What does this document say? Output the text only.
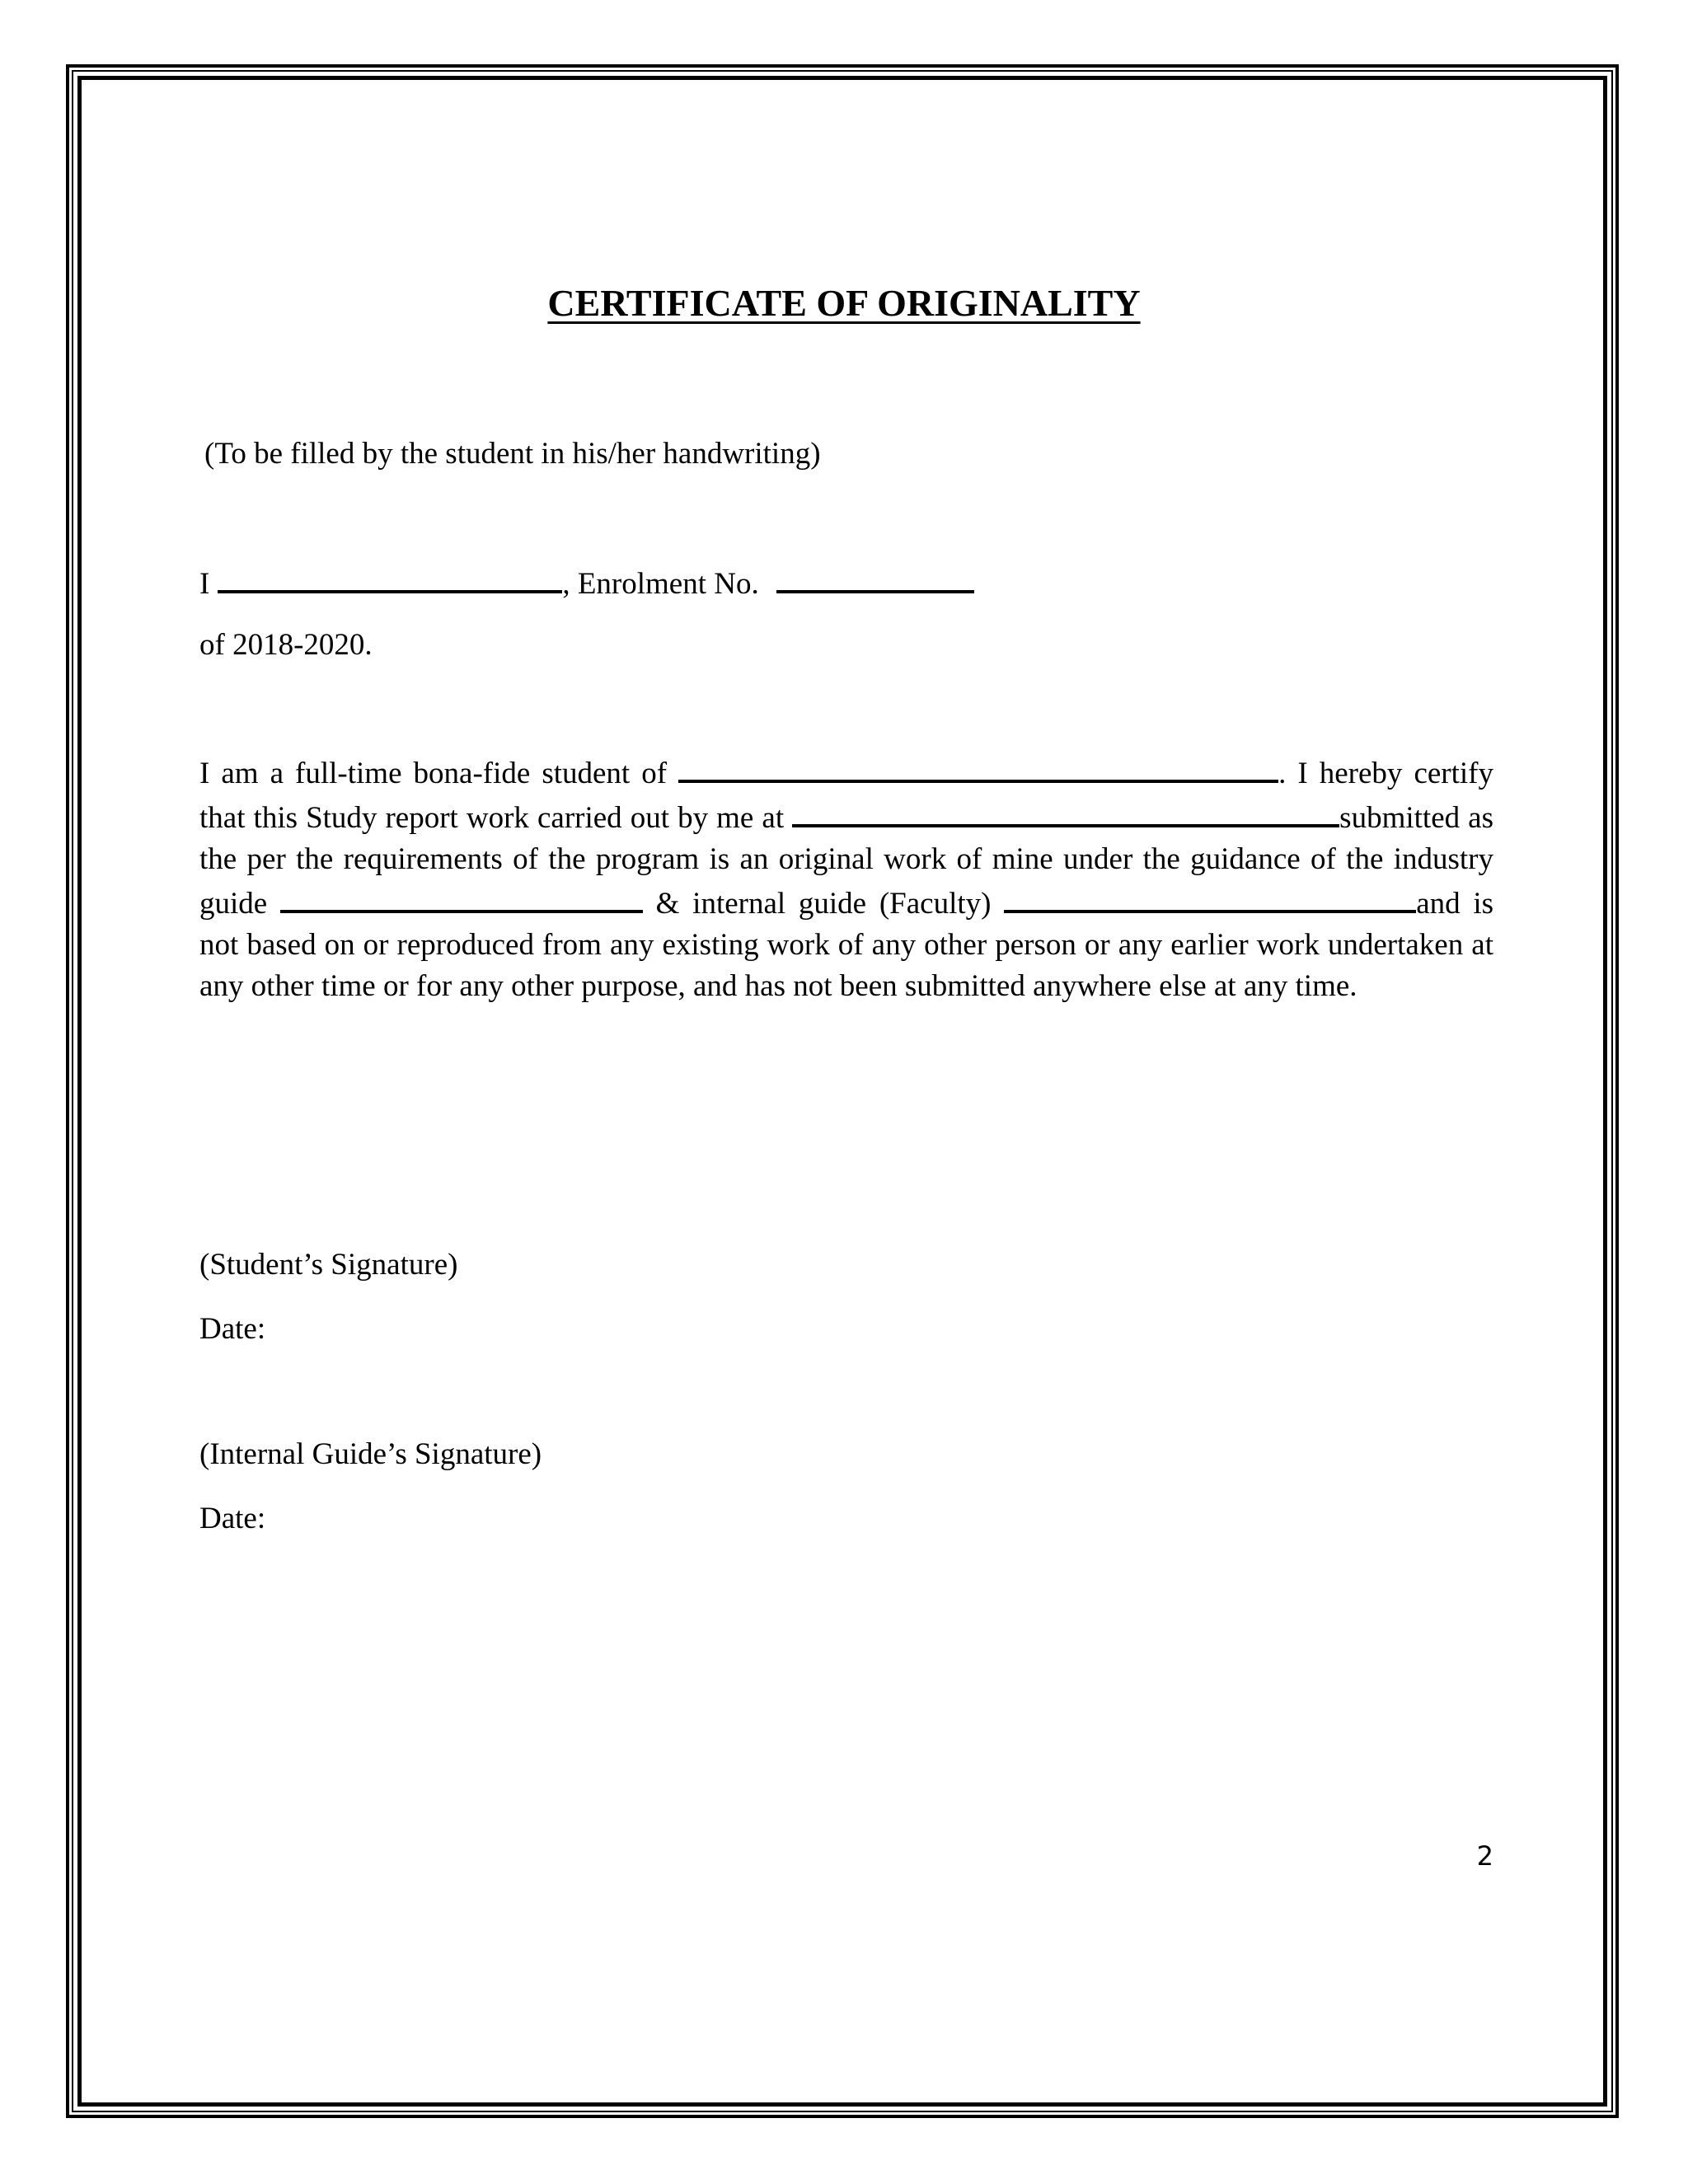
CERTIFICATE OF ORIGINALITY

(To be filled by the student in his/her handwriting)

I	, Enrolment No.

of 2018-2020.

I am a full-time bona-fide student of	. I hereby certify that this Study report work carried out by me at	submitted as the per the requirements of the program is an original work of mine under the guidance of the industry guide	& internal guide (Faculty)	and is not based on or reproduced from any existing work of any other person or any earlier work undertaken at any other time or for any other purpose, and has not been submitted anywhere else at any time.

(Student’s Signature)

Date:

(Internal Guide’s Signature)

Date:

2
